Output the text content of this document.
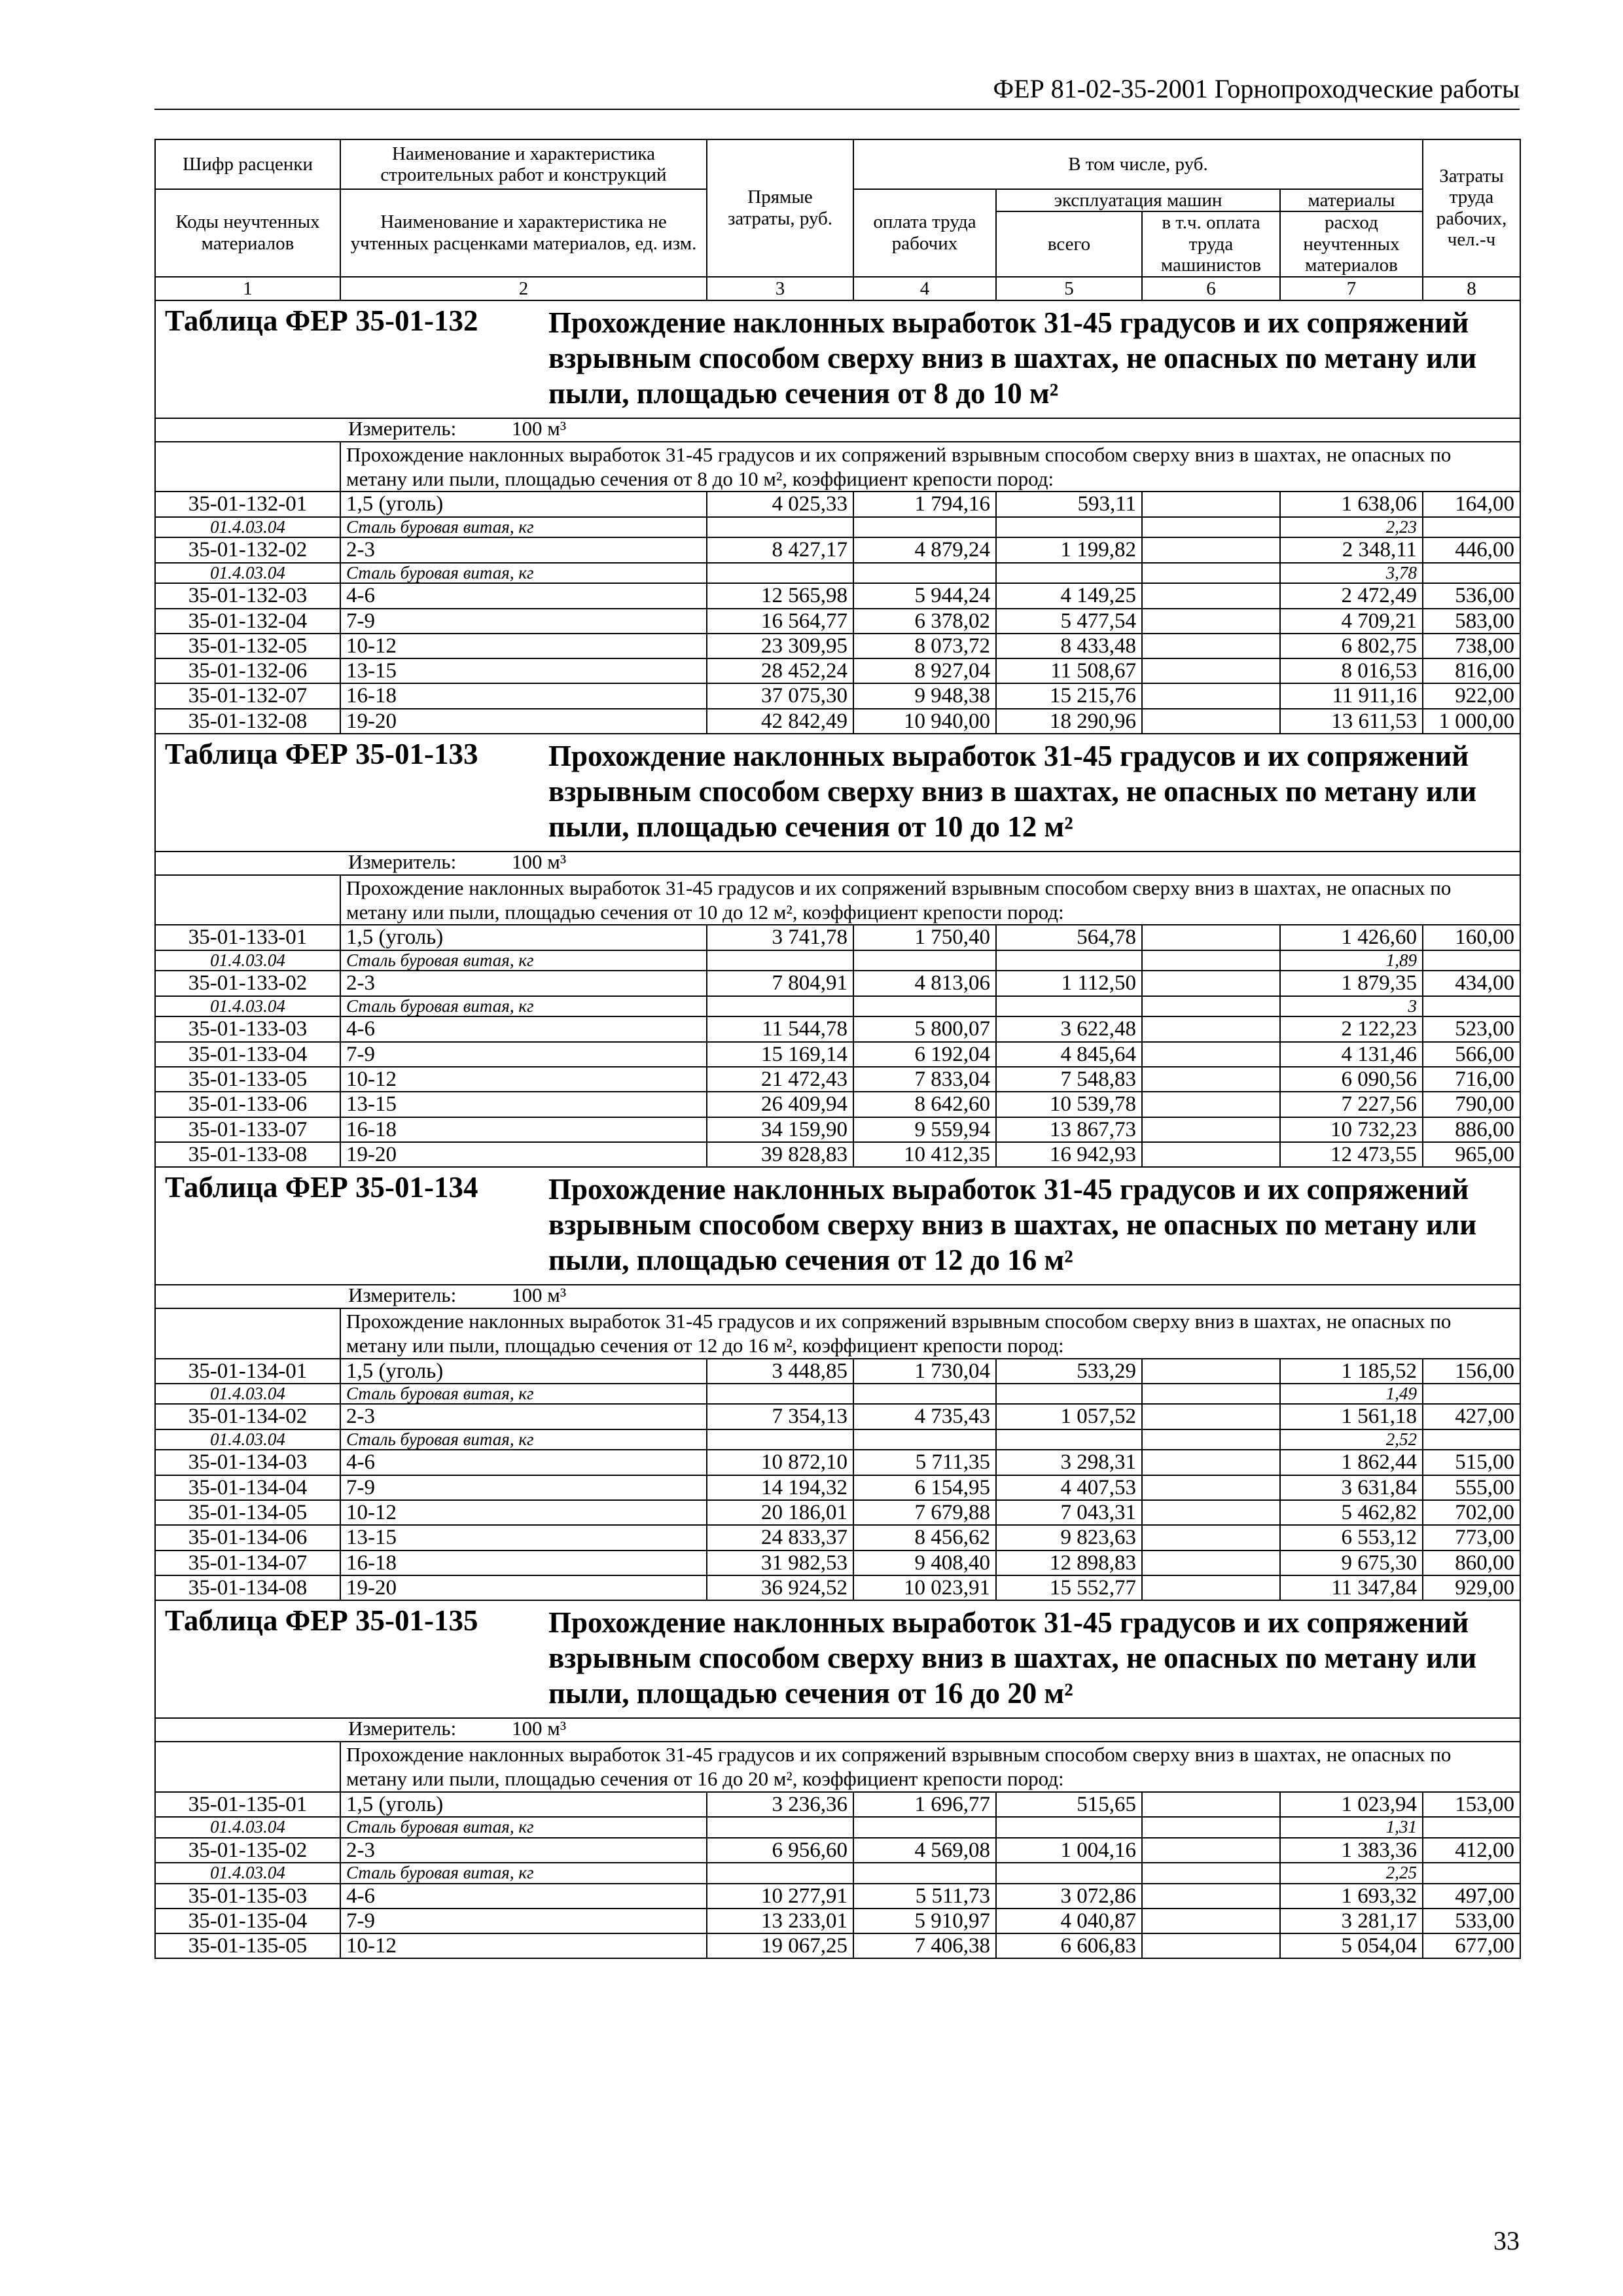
ФЕР 81-02-35-2001 Горнопроходческие работы
Шифр расценки	Наименование и характеристика строительных работ и конструкций	Прямые затраты, руб.	В том числе, руб.				Затраты труда рабочих, чел.-ч
Коды неучтенных материалов	Наименование и характеристика не учтенных расценками материалов, ед. изм.		оплата труда рабочих	эксплуатация машин		материалы	
				всего	в т.ч. оплата труда машинистов	расход неучтенных материалов	
1	2	3	4	5	6	7	8

Таблица ФЕР 35-01-132 Прохождение наклонных выработок 31-45 градусов и их сопряжений взрывным способом сверху вниз в шахтах, не опасных по метану или пыли, площадью сечения от 8 до 10 м²							

Измеритель: 100 м³							

	Прохождение наклонных выработок 31-45 градусов и их сопряжений взрывным способом сверху вниз в шахтах, не опасных по метану или пыли, площадью сечения от 8 до 10 м², коэффициент крепости пород:						
35-01-132-01	1,5 (уголь)	4 025,33	1 794,16	593,11		1 638,06	164,00
01.4.03.04	Сталь буровая витая, кг					2,23	
35-01-132-02	2-3	8 427,17	4 879,24	1 199,82		2 348,11	446,00
01.4.03.04	Сталь буровая витая, кг					3,78	
35-01-132-03	4-6	12 565,98	5 944,24	4 149,25		2 472,49	536,00
35-01-132-04	7-9	16 564,77	6 378,02	5 477,54		4 709,21	583,00
35-01-132-05	10-12	23 309,95	8 073,72	8 433,48		6 802,75	738,00
35-01-132-06	13-15	28 452,24	8 927,04	11 508,67		8 016,53	816,00
35-01-132-07	16-18	37 075,30	9 948,38	15 215,76		11 911,16	922,00
35-01-132-08	19-20	42 842,49	10 940,00	18 290,96		13 611,53	1 000,00

Таблица ФЕР 35-01-133 Прохождение наклонных выработок 31-45 градусов и их сопряжений взрывным способом сверху вниз в шахтах, не опасных по метану или пыли, площадью сечения от 10 до 12 м²							

Измеритель: 100 м³							

	Прохождение наклонных выработок 31-45 градусов и их сопряжений взрывным способом сверху вниз в шахтах, не опасных по метану или пыли, площадью сечения от 10 до 12 м², коэффициент крепости пород:						
35-01-133-01	1,5 (уголь)	3 741,78	1 750,40	564,78		1 426,60	160,00
01.4.03.04	Сталь буровая витая, кг					1,89	
35-01-133-02	2-3	7 804,91	4 813,06	1 112,50		1 879,35	434,00
01.4.03.04	Сталь буровая витая, кг					3	
35-01-133-03	4-6	11 544,78	5 800,07	3 622,48		2 122,23	523,00
35-01-133-04	7-9	15 169,14	6 192,04	4 845,64		4 131,46	566,00
35-01-133-05	10-12	21 472,43	7 833,04	7 548,83		6 090,56	716,00
35-01-133-06	13-15	26 409,94	8 642,60	10 539,78		7 227,56	790,00
35-01-133-07	16-18	34 159,90	9 559,94	13 867,73		10 732,23	886,00
35-01-133-08	19-20	39 828,83	10 412,35	16 942,93		12 473,55	965,00

Таблица ФЕР 35-01-134 Прохождение наклонных выработок 31-45 градусов и их сопряжений взрывным способом сверху вниз в шахтах, не опасных по метану или пыли, площадью сечения от 12 до 16 м²							

Измеритель: 100 м³							

	Прохождение наклонных выработок 31-45 градусов и их сопряжений взрывным способом сверху вниз в шахтах, не опасных по метану или пыли, площадью сечения от 12 до 16 м², коэффициент крепости пород:						
35-01-134-01	1,5 (уголь)	3 448,85	1 730,04	533,29		1 185,52	156,00
01.4.03.04	Сталь буровая витая, кг					1,49	
35-01-134-02	2-3	7 354,13	4 735,43	1 057,52		1 561,18	427,00
01.4.03.04	Сталь буровая витая, кг					2,52	
35-01-134-03	4-6	10 872,10	5 711,35	3 298,31		1 862,44	515,00
35-01-134-04	7-9	14 194,32	6 154,95	4 407,53		3 631,84	555,00
35-01-134-05	10-12	20 186,01	7 679,88	7 043,31		5 462,82	702,00
35-01-134-06	13-15	24 833,37	8 456,62	9 823,63		6 553,12	773,00
35-01-134-07	16-18	31 982,53	9 408,40	12 898,83		9 675,30	860,00
35-01-134-08	19-20	36 924,52	10 023,91	15 552,77		11 347,84	929,00

Таблица ФЕР 35-01-135 Прохождение наклонных выработок 31-45 градусов и их сопряжений взрывным способом сверху вниз в шахтах, не опасных по метану или пыли, площадью сечения от 16 до 20 м²							

Измеритель: 100 м³							

	Прохождение наклонных выработок 31-45 градусов и их сопряжений взрывным способом сверху вниз в шахтах, не опасных по метану или пыли, площадью сечения от 16 до 20 м², коэффициент крепости пород:						
35-01-135-01	1,5 (уголь)	3 236,36	1 696,77	515,65		1 023,94	153,00
01.4.03.04	Сталь буровая витая, кг					1,31	
35-01-135-02	2-3	6 956,60	4 569,08	1 004,16		1 383,36	412,00
01.4.03.04	Сталь буровая витая, кг					2,25	
35-01-135-03	4-6	10 277,91	5 511,73	3 072,86		1 693,32	497,00
35-01-135-04	7-9	13 233,01	5 910,97	4 040,87		3 281,17	533,00
35-01-135-05	10-12	19 067,25	7 406,38	6 606,83		5 054,04	677,00
33
